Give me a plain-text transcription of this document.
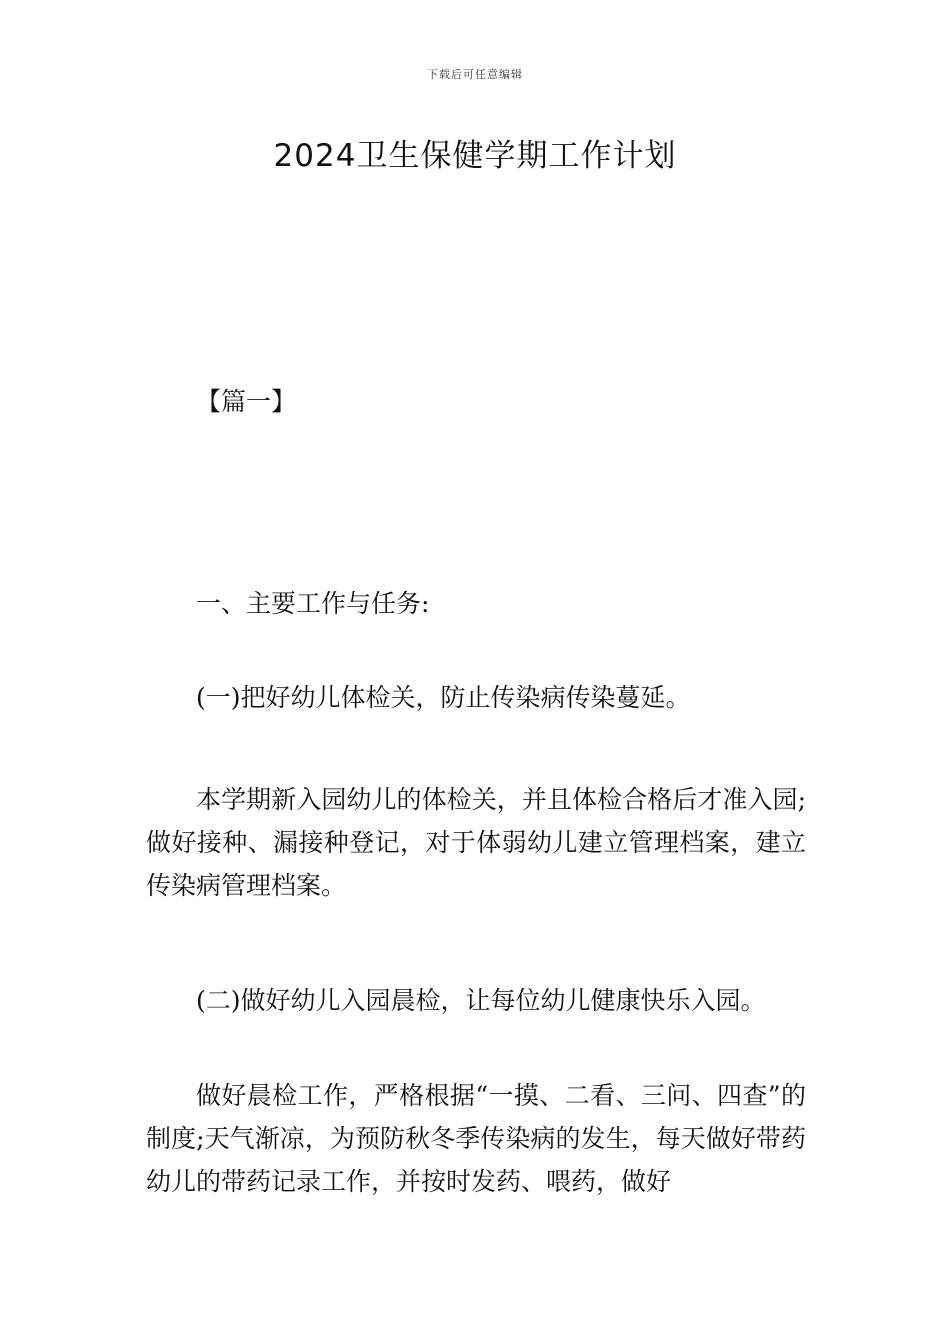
下载后可任意编辑
2024卫生保健学期工作计划

【篇一】

一、主要工作与任务:

(一)把好幼儿体检关，防止传染病传染蔓延。

本学期新入园幼儿的体检关，并且体检合格后才准入园;做好接种、漏接种登记，对于体弱幼儿建立管理档案，建立传染病管理档案。

(二)做好幼儿入园晨检，让每位幼儿健康快乐入园。

做好晨检工作，严格根据“一摸、二看、三问、四查”的制度;天气渐凉，为预防秋冬季传染病的发生，每天做好带药幼儿的带药记录工作，并按时发药、喂药，做好
